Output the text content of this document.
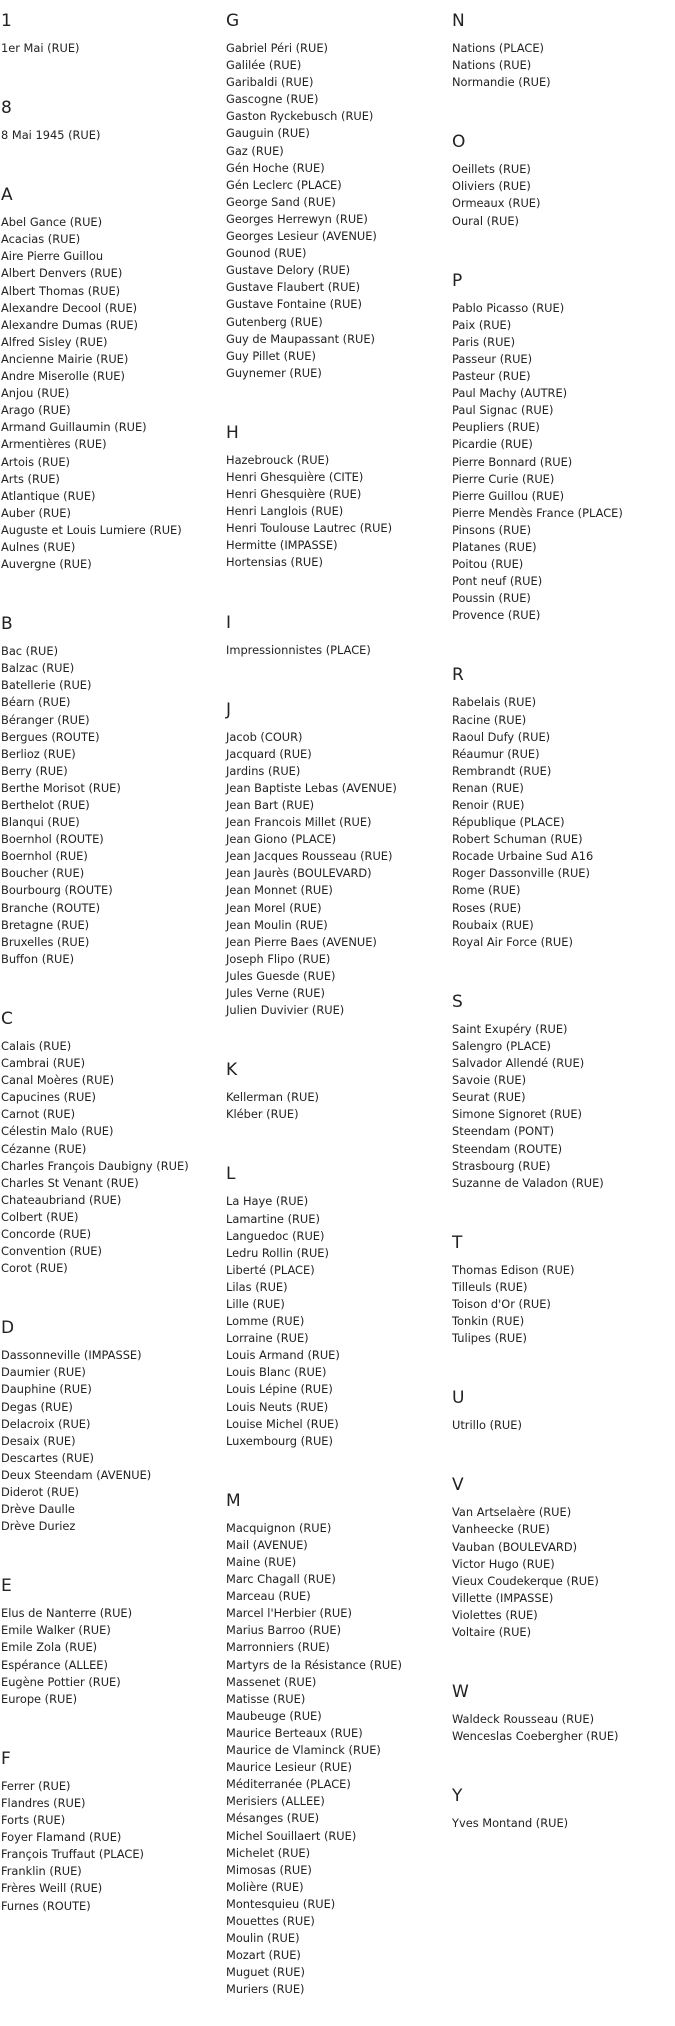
1
1er Mai (RUE)
8
8 Mai 1945 (RUE)
A
Abel Gance (RUE)
Acacias (RUE)
Aire Pierre Guillou
Albert Denvers (RUE)
Albert Thomas (RUE)
Alexandre Decool (RUE)
Alexandre Dumas (RUE)
Alfred Sisley (RUE)
Ancienne Mairie (RUE)
Andre Miserolle (RUE)
Anjou (RUE)
Arago (RUE)
Armand Guillaumin (RUE)
Armentières (RUE)
Artois (RUE)
Arts (RUE)
Atlantique (RUE)
Auber (RUE)
Auguste et Louis Lumiere (RUE)
Aulnes (RUE)
Auvergne (RUE)
B
Bac (RUE)
Balzac (RUE)
Batellerie (RUE)
Béarn (RUE)
Béranger (RUE)
Bergues (ROUTE)
Berlioz (RUE)
Berry (RUE)
Berthe Morisot (RUE)
Berthelot (RUE)
Blanqui (RUE)
Boernhol (ROUTE)
Boernhol (RUE)
Boucher (RUE)
Bourbourg (ROUTE)
Branche (ROUTE)
Bretagne (RUE)
Bruxelles (RUE)
Buffon (RUE)
C
Calais (RUE)
Cambrai (RUE)
Canal Moères (RUE)
Capucines (RUE)
Carnot (RUE)
Célestin Malo (RUE)
Cézanne (RUE)
Charles François Daubigny (RUE)
Charles St Venant (RUE)
Chateaubriand (RUE)
Colbert (RUE)
Concorde (RUE)
Convention (RUE)
Corot (RUE)
D
Dassonneville (IMPASSE)
Daumier (RUE)
Dauphine (RUE)
Degas (RUE)
Delacroix (RUE)
Desaix (RUE)
Descartes (RUE)
Deux Steendam (AVENUE)
Diderot (RUE)
Drève Daulle
Drève Duriez
E
Elus de Nanterre (RUE)
Emile Walker (RUE)
Emile Zola (RUE)
Espérance (ALLEE)
Eugène Pottier (RUE)
Europe (RUE)
F
Ferrer (RUE)
Flandres (RUE)
Forts (RUE)
Foyer Flamand (RUE)
François Truffaut (PLACE)
Franklin (RUE)
Frères Weill (RUE)
Furnes (ROUTE)
G
Gabriel Péri (RUE)
Galilée (RUE)
Garibaldi (RUE)
Gascogne (RUE)
Gaston Ryckebusch (RUE)
Gauguin (RUE)
Gaz (RUE)
Gén Hoche (RUE)
Gén Leclerc (PLACE)
George Sand (RUE)
Georges Herrewyn (RUE)
Georges Lesieur (AVENUE)
Gounod (RUE)
Gustave Delory (RUE)
Gustave Flaubert (RUE)
Gustave Fontaine (RUE)
Gutenberg (RUE)
Guy de Maupassant (RUE)
Guy Pillet (RUE)
Guynemer (RUE)
H
Hazebrouck (RUE)
Henri Ghesquière (CITE)
Henri Ghesquière (RUE)
Henri Langlois (RUE)
Henri Toulouse Lautrec (RUE)
Hermitte (IMPASSE)
Hortensias (RUE)
I
Impressionnistes (PLACE)
J
Jacob (COUR)
Jacquard (RUE)
Jardins (RUE)
Jean Baptiste Lebas (AVENUE)
Jean Bart (RUE)
Jean Francois Millet (RUE)
Jean Giono (PLACE)
Jean Jacques Rousseau (RUE)
Jean Jaurès (BOULEVARD)
Jean Monnet (RUE)
Jean Morel (RUE)
Jean Moulin (RUE)
Jean Pierre Baes (AVENUE)
Joseph Flipo (RUE)
Jules Guesde (RUE)
Jules Verne (RUE)
Julien Duvivier (RUE)
K
Kellerman (RUE)
Kléber (RUE)
L
La Haye (RUE)
Lamartine (RUE)
Languedoc (RUE)
Ledru Rollin (RUE)
Liberté (PLACE)
Lilas (RUE)
Lille (RUE)
Lomme (RUE)
Lorraine (RUE)
Louis Armand (RUE)
Louis Blanc (RUE)
Louis Lépine (RUE)
Louis Neuts (RUE)
Louise Michel (RUE)
Luxembourg (RUE)
M
Macquignon (RUE)
Mail (AVENUE)
Maine (RUE)
Marc Chagall (RUE)
Marceau (RUE)
Marcel l'Herbier (RUE)
Marius Barroo (RUE)
Marronniers (RUE)
Martyrs de la Résistance (RUE)
Massenet (RUE)
Matisse (RUE)
Maubeuge (RUE)
Maurice Berteaux (RUE)
Maurice de Vlaminck (RUE)
Maurice Lesieur (RUE)
Méditerranée (PLACE)
Merisiers (ALLEE)
Mésanges (RUE)
Michel Souillaert (RUE)
Michelet (RUE)
Mimosas (RUE)
Molière (RUE)
Montesquieu (RUE)
Mouettes (RUE)
Moulin (RUE)
Mozart (RUE)
Muguet (RUE)
Muriers (RUE)
N
Nations (PLACE)
Nations (RUE)
Normandie (RUE)
O
Oeillets (RUE)
Oliviers (RUE)
Ormeaux (RUE)
Oural (RUE)
P
Pablo Picasso (RUE)
Paix (RUE)
Paris (RUE)
Passeur (RUE)
Pasteur (RUE)
Paul Machy (AUTRE)
Paul Signac (RUE)
Peupliers (RUE)
Picardie (RUE)
Pierre Bonnard (RUE)
Pierre Curie (RUE)
Pierre Guillou (RUE)
Pierre Mendès France (PLACE)
Pinsons (RUE)
Platanes (RUE)
Poitou (RUE)
Pont neuf (RUE)
Poussin (RUE)
Provence (RUE)
R
Rabelais (RUE)
Racine (RUE)
Raoul Dufy (RUE)
Réaumur (RUE)
Rembrandt (RUE)
Renan (RUE)
Renoir (RUE)
République (PLACE)
Robert Schuman (RUE)
Rocade Urbaine Sud A16
Roger Dassonville (RUE)
Rome (RUE)
Roses (RUE)
Roubaix (RUE)
Royal Air Force (RUE)
S
Saint Exupéry (RUE)
Salengro (PLACE)
Salvador Allendé (RUE)
Savoie (RUE)
Seurat (RUE)
Simone Signoret (RUE)
Steendam (PONT)
Steendam (ROUTE)
Strasbourg (RUE)
Suzanne de Valadon (RUE)
T
Thomas Edison (RUE)
Tilleuls (RUE)
Toison d'Or (RUE)
Tonkin (RUE)
Tulipes (RUE)
U
Utrillo (RUE)
V
Van Artselaère (RUE)
Vanheecke (RUE)
Vauban (BOULEVARD)
Victor Hugo (RUE)
Vieux Coudekerque (RUE)
Villette (IMPASSE)
Violettes (RUE)
Voltaire (RUE)
W
Waldeck Rousseau (RUE)
Wenceslas Coebergher (RUE)
Y
Yves Montand (RUE)
